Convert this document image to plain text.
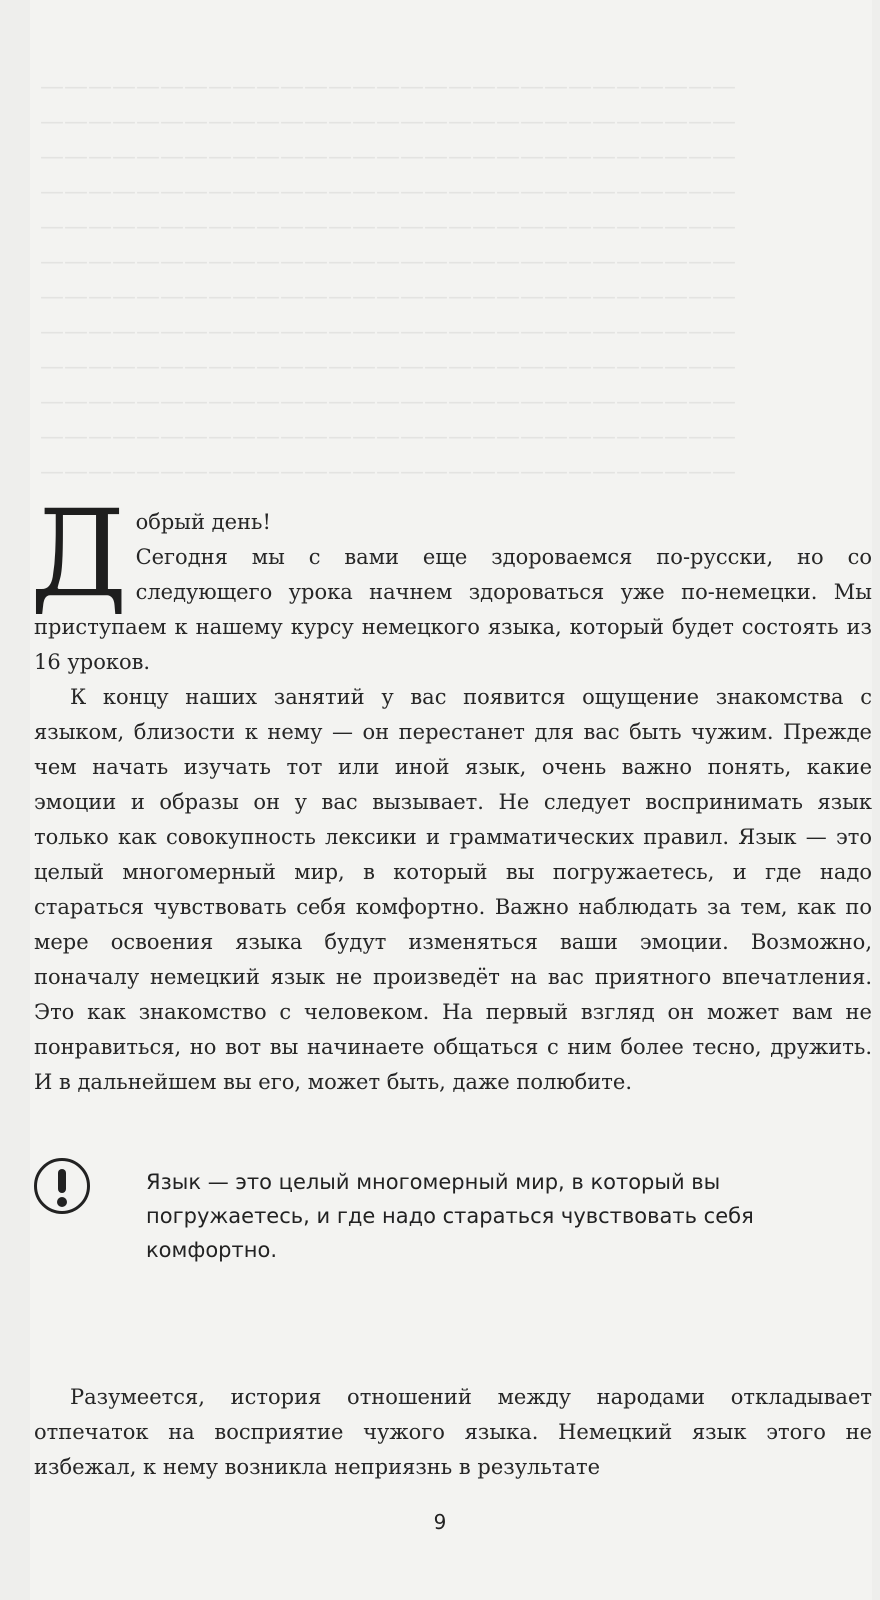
—————————————————————————————
—————————————————————————————
—————————————————————————————
—————————————————————————————
—————————————————————————————
—————————————————————————————
—————————————————————————————
—————————————————————————————
—————————————————————————————
—————————————————————————————
—————————————————————————————
—————————————————————————————
Д обрый день!
Сегодня мы с вами еще здороваемся по-русски, но со следующего урока начнем здороваться уже по-немецки. Мы приступаем к нашему курсу немецкого языка, который будет состоять из 16 уроков.

К концу наших занятий у вас появится ощущение знакомства с языком, близости к нему — он перестанет для вас быть чужим. Прежде чем начать изучать тот или иной язык, очень важно понять, какие эмоции и образы он у вас вызывает. Не следует воспринимать язык только как совокупность лексики и грамматических правил. Язык — это целый многомерный мир, в который вы погружаетесь, и где надо стараться чувствовать себя комфортно. Важно наблюдать за тем, как по мере освоения языка будут изменяться ваши эмоции. Возможно, поначалу немецкий язык не произведёт на вас приятного впечатления. Это как знакомство с человеком. На первый взгляд он может вам не понравиться, но вот вы начинаете общаться с ним более тесно, дружить. И в дальнейшем вы его, может быть, даже полюбите.

Язык — это целый многомерный мир, в который вы погружаетесь, и где надо стараться чувствовать себя комфортно.

Разумеется, история отношений между народами откладывает отпечаток на восприятие чужого языка. Немецкий язык этого не избежал, к нему возникла неприязнь в результате

9
